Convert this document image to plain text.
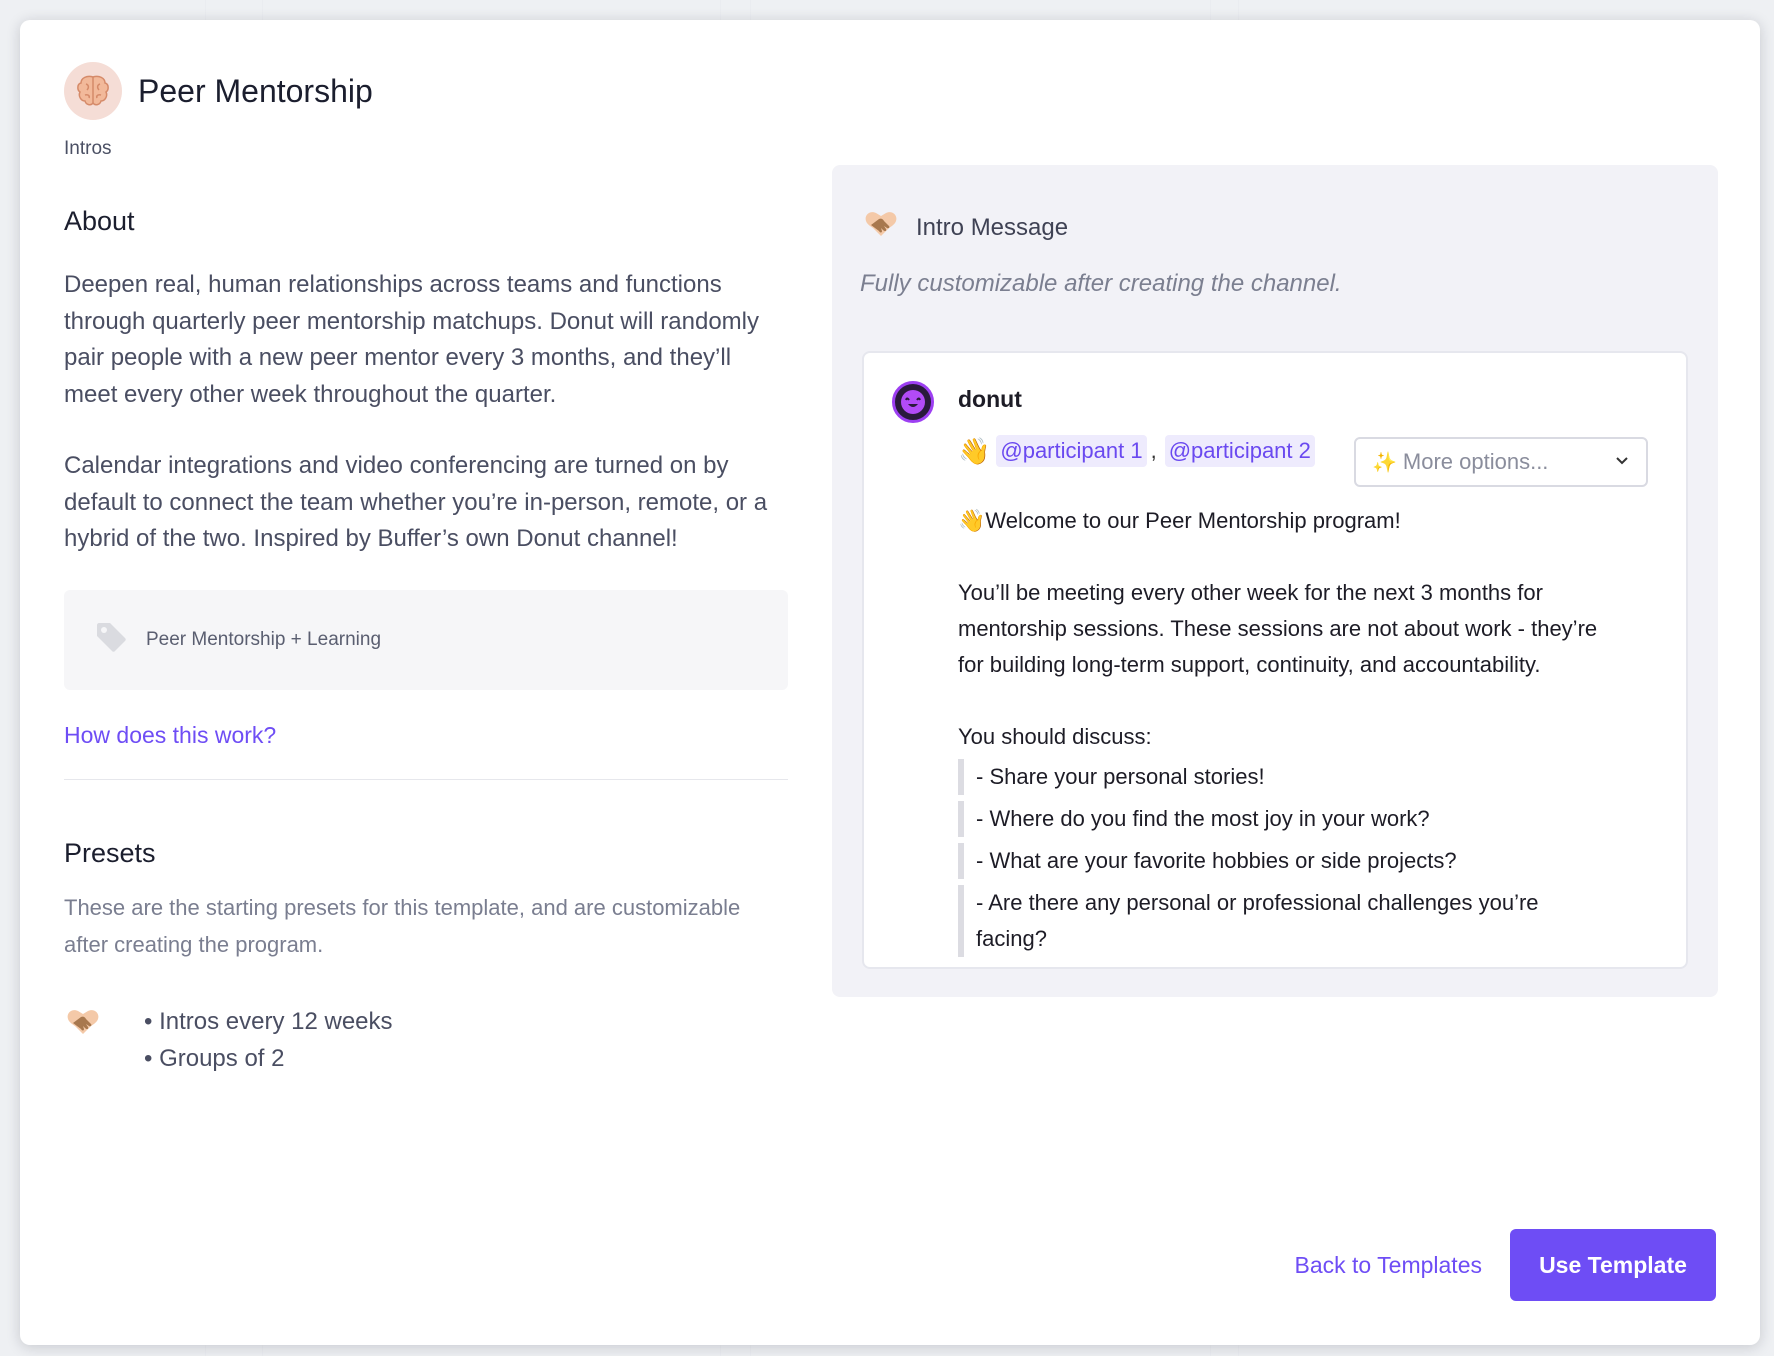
Peer Mentorship
Intros
About

Deepen real, human relationships across teams and functions through quarterly peer mentorship matchups. Donut will randomly pair people with a new peer mentor every 3 months, and they’ll meet every other week throughout the quarter.

Calendar integrations and video conferencing are turned on by default to connect the team whether you’re in-person, remote, or a hybrid of the two. Inspired by Buffer’s own Donut channel!

Peer Mentorship + Learning
How does this work?
Presets

These are the starting presets for this template, and are customizable after creating the program.

• Intros every 12 weeks
• Groups of 2
Intro Message
Fully customizable after creating the channel.
donut
👋 @participant 1 , @participant 2	✨ More options...

👋Welcome to our Peer Mentorship program!

You’ll be meeting every other week for the next 3 months for mentorship sessions. These sessions are not about work - they’re for building long-term support, continuity, and accountability.

You should discuss:
- Share your personal stories!
- Where do you find the most joy in your work?
- What are your favorite hobbies or side projects?
- Are there any personal or professional challenges you’re facing?
Back to Templates	Use Template
